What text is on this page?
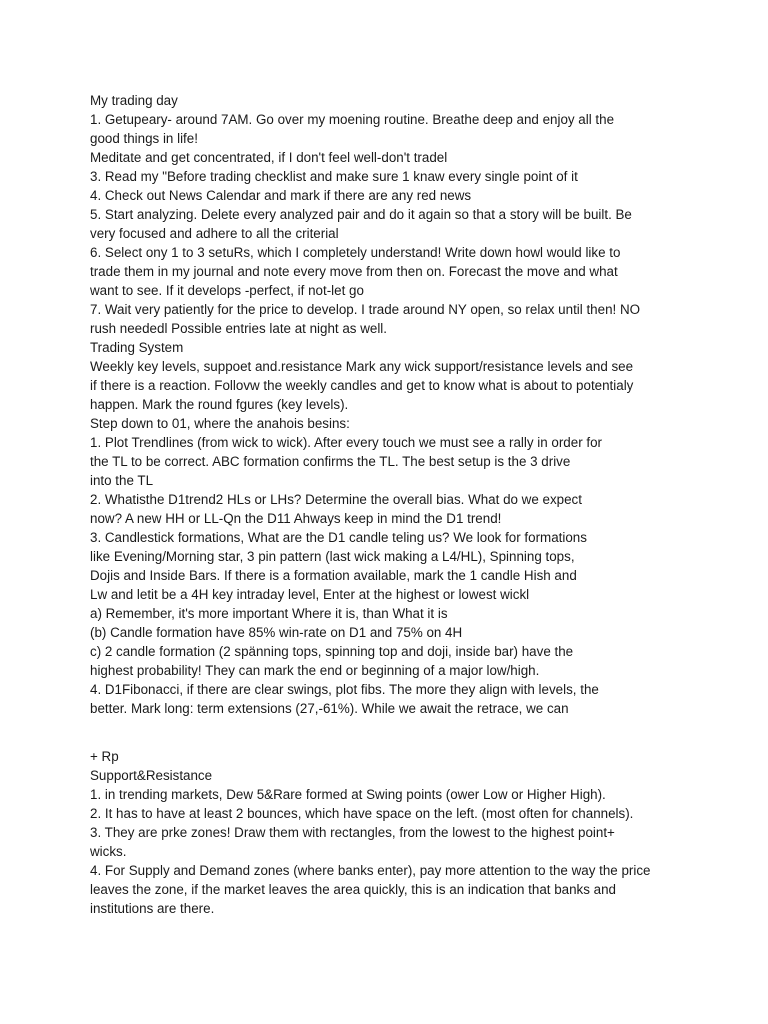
My trading day
1. Getupeary- around 7AM. Go over my moening routine. Breathe deep and enjoy all the
good things in life!
Meditate and get concentrated, if I don't feel well-don't tradel
3. Read my "Before trading checklist and make sure 1 knaw every single point of it
4. Check out News Calendar and mark if there are any red news
5. Start analyzing. Delete every analyzed pair and do it again so that a story will be built. Be
very focused and adhere to all the criterial
6. Select ony 1 to 3 setuRs, which I completely understand! Write down howl would like to
trade them in my journal and note every move from then on. Forecast the move and what
want to see. If it develops -perfect, if not-let go
7. Wait very patiently for the price to develop. I trade around NY open, so relax until then! NO
rush neededl Possible entries late at night as well.
Trading System
Weekly key levels, suppoet and.resistance Mark any wick support/resistance levels and see
if there is a reaction. Follovw the weekly candles and get to know what is about to potentialy
happen. Mark the round fgures (key levels).
Step down to 01, where the anahois besins:
1. Plot Trendlines (from wick to wick). After every touch we must see a rally in order for
the TL to be correct. ABC formation confirms the TL. The best setup is the 3 drive
into the TL
2. Whatisthe D1trend2 HLs or LHs? Determine the overall bias. What do we expect
now? A new HH or LL-Qn the D11 Ahways keep in mind the D1 trend!
3. Candlestick formations, What are the D1 candle teling us? We look for formations
like Evening/Morning star, 3 pin pattern (last wick making a L4/HL), Spinning tops,
Dojis and Inside Bars. If there is a formation available, mark the 1 candle Hish and
Lw and letit be a 4H key intraday level, Enter at the highest or lowest wickl
a) Remember, it's more important Where it is, than What it is
(b) Candle formation have 85% win-rate on D1 and 75% on 4H
c) 2 candle formation (2 spänning tops, spinning top and doji, inside bar) have the
highest probability! They can mark the end or beginning of a major low/high.
4. D1Fibonacci, if there are clear swings, plot fibs. The more they align with levels, the
better. Mark long: term extensions (27,-61%). While we await the retrace, we can
+ Rp
Support&Resistance
1. in trending markets, Dew 5&Rare formed at Swing points (ower Low or Higher High).
2. It has to have at least 2 bounces, which have space on the left. (most often for channels).
3. They are prke zones! Draw them with rectangles, from the lowest to the highest point+
wicks.
4. For Supply and Demand zones (where banks enter), pay more attention to the way the price
leaves the zone, if the market leaves the area quickly, this is an indication that banks and
institutions are there.
